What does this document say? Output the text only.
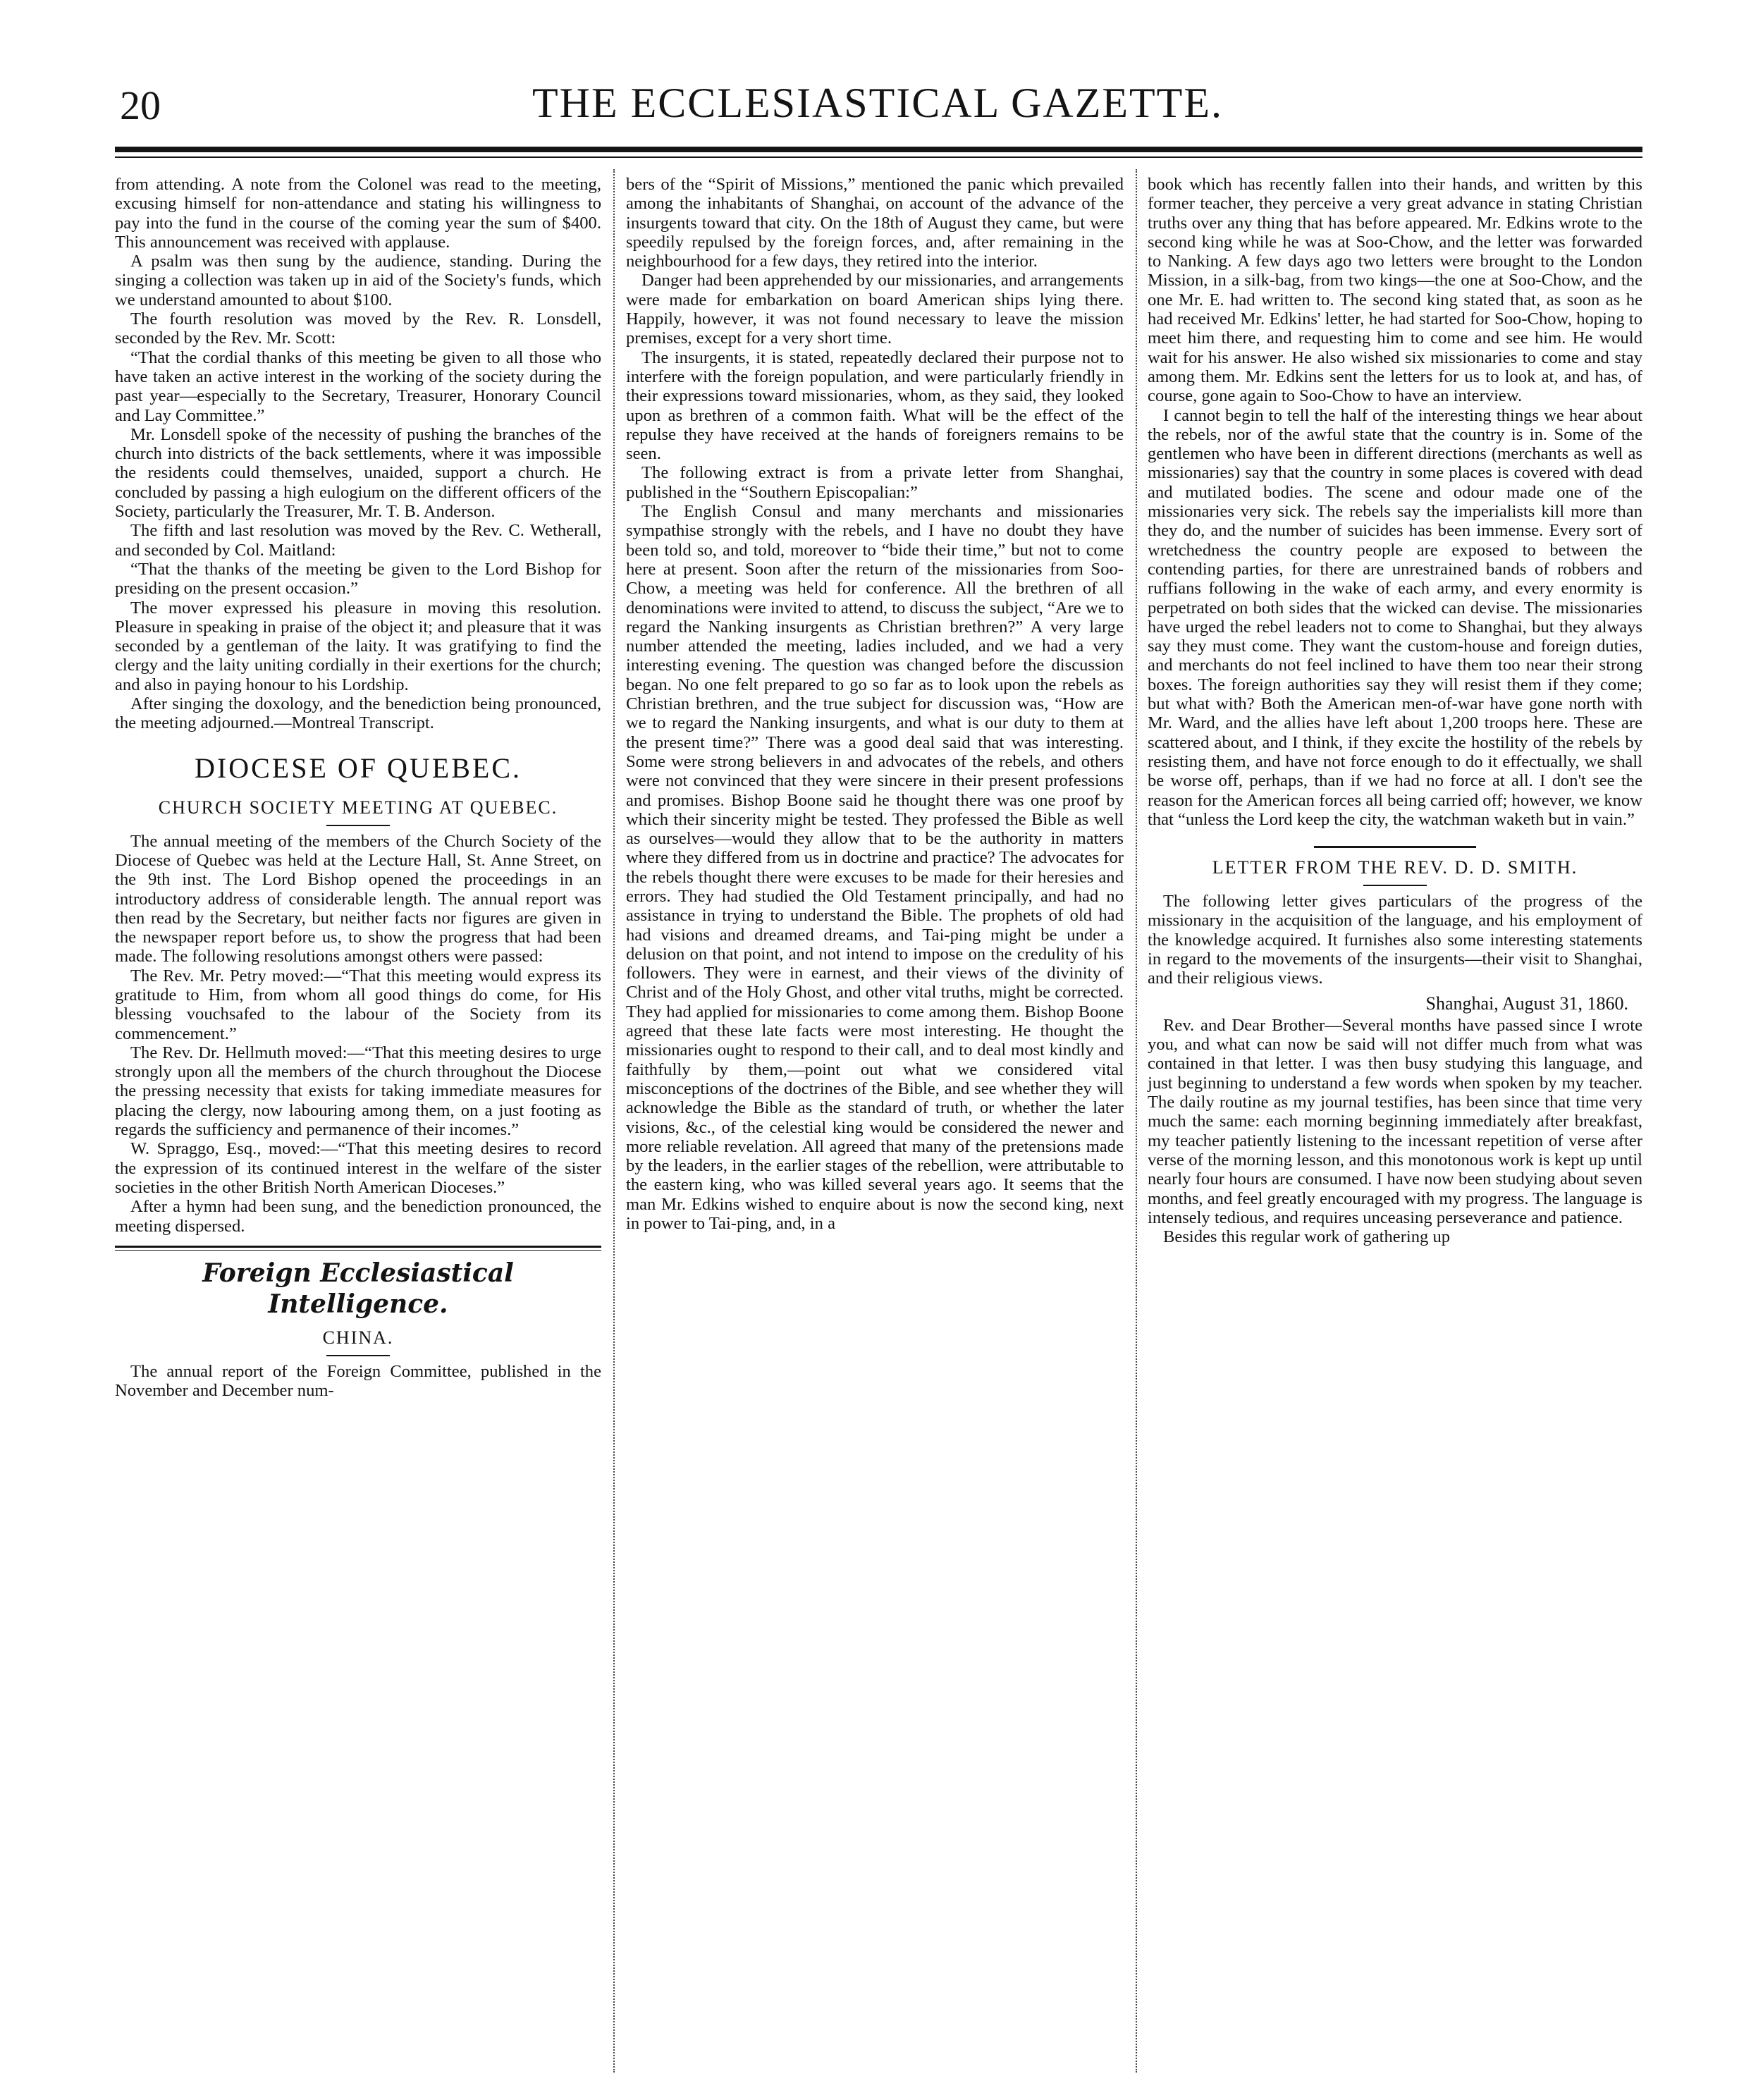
20	THE ECCLESIASTICAL GAZETTE.

from attending. A note from the Colonel was read to the meeting, excusing himself for non-attendance and stating his willingness to pay into the fund in the course of the coming year the sum of $400. This announcement was received with applause.

A psalm was then sung by the audience, standing. During the singing a collection was taken up in aid of the Society's funds, which we understand amounted to about $100.

The fourth resolution was moved by the Rev. R. Lonsdell, seconded by the Rev. Mr. Scott:

“That the cordial thanks of this meeting be given to all those who have taken an active interest in the working of the society during the past year—especially to the Secretary, Treasurer, Honorary Council and Lay Committee.”

Mr. Lonsdell spoke of the necessity of pushing the branches of the church into districts of the back settlements, where it was impossible the residents could themselves, unaided, support a church. He concluded by passing a high eulogium on the different officers of the Society, particularly the Treasurer, Mr. T. B. Anderson.

The fifth and last resolution was moved by the Rev. C. Wetherall, and seconded by Col. Maitland:

“That the thanks of the meeting be given to the Lord Bishop for presiding on the present occasion.”

The mover expressed his pleasure in moving this resolution. Pleasure in speaking in praise of the object it; and pleasure that it was seconded by a gentleman of the laity. It was gratifying to find the clergy and the laity uniting cordially in their exertions for the church; and also in paying honour to his Lordship.

After singing the doxology, and the benediction being pronounced, the meeting adjourned.—Montreal Transcript.

DIOCESE OF QUEBEC.
CHURCH SOCIETY MEETING AT QUEBEC.

The annual meeting of the members of the Church Society of the Diocese of Quebec was held at the Lecture Hall, St. Anne Street, on the 9th inst. The Lord Bishop opened the proceedings in an introductory address of considerable length. The annual report was then read by the Secretary, but neither facts nor figures are given in the newspaper report before us, to show the progress that had been made. The following resolutions amongst others were passed:

The Rev. Mr. Petry moved:—“That this meeting would express its gratitude to Him, from whom all good things do come, for His blessing vouchsafed to the labour of the Society from its commencement.”

The Rev. Dr. Hellmuth moved:—“That this meeting desires to urge strongly upon all the members of the church throughout the Diocese the pressing necessity that exists for taking immediate measures for placing the clergy, now labouring among them, on a just footing as regards the sufficiency and permanence of their incomes.”

W. Spraggo, Esq., moved:—“That this meeting desires to record the expression of its continued interest in the welfare of the sister societies in the other British North American Dioceses.”

After a hymn had been sung, and the benediction pronounced, the meeting dispersed.

Foreign Ecclesiastical Intelligence.
CHINA.

The annual report of the Foreign Committee, published in the November and December num-

bers of the “Spirit of Missions,” mentioned the panic which prevailed among the inhabitants of Shanghai, on account of the advance of the insurgents toward that city. On the 18th of August they came, but were speedily repulsed by the foreign forces, and, after remaining in the neighbourhood for a few days, they retired into the interior.

Danger had been apprehended by our missionaries, and arrangements were made for embarkation on board American ships lying there. Happily, however, it was not found necessary to leave the mission premises, except for a very short time.

The insurgents, it is stated, repeatedly declared their purpose not to interfere with the foreign population, and were particularly friendly in their expressions toward missionaries, whom, as they said, they looked upon as brethren of a common faith. What will be the effect of the repulse they have received at the hands of foreigners remains to be seen.

The following extract is from a private letter from Shanghai, published in the “Southern Episcopalian:”

The English Consul and many merchants and missionaries sympathise strongly with the rebels, and I have no doubt they have been told so, and told, moreover to “bide their time,” but not to come here at present. Soon after the return of the missionaries from Soo-Chow, a meeting was held for conference. All the brethren of all denominations were invited to attend, to discuss the subject, “Are we to regard the Nanking insurgents as Christian brethren?” A very large number attended the meeting, ladies included, and we had a very interesting evening. The question was changed before the discussion began. No one felt prepared to go so far as to look upon the rebels as Christian brethren, and the true subject for discussion was, “How are we to regard the Nanking insurgents, and what is our duty to them at the present time?” There was a good deal said that was interesting. Some were strong believers in and advocates of the rebels, and others were not convinced that they were sincere in their present professions and promises. Bishop Boone said he thought there was one proof by which their sincerity might be tested. They professed the Bible as well as ourselves—would they allow that to be the authority in matters where they differed from us in doctrine and practice? The advocates for the rebels thought there were excuses to be made for their heresies and errors. They had studied the Old Testament principally, and had no assistance in trying to understand the Bible. The prophets of old had had visions and dreamed dreams, and Tai-ping might be under a delusion on that point, and not intend to impose on the credulity of his followers. They were in earnest, and their views of the divinity of Christ and of the Holy Ghost, and other vital truths, might be corrected. They had applied for missionaries to come among them. Bishop Boone agreed that these late facts were most interesting. He thought the missionaries ought to respond to their call, and to deal most kindly and faithfully by them,—point out what we considered vital misconceptions of the doctrines of the Bible, and see whether they will acknowledge the Bible as the standard of truth, or whether the later visions, &c., of the celestial king would be considered the newer and more reliable revelation. All agreed that many of the pretensions made by the leaders, in the earlier stages of the rebellion, were attributable to the eastern king, who was killed several years ago. It seems that the man Mr. Edkins wished to enquire about is now the second king, next in power to Tai-ping, and, in a

book which has recently fallen into their hands, and written by this former teacher, they perceive a very great advance in stating Christian truths over any thing that has before appeared. Mr. Edkins wrote to the second king while he was at Soo-Chow, and the letter was forwarded to Nanking. A few days ago two letters were brought to the London Mission, in a silk-bag, from two kings—the one at Soo-Chow, and the one Mr. E. had written to. The second king stated that, as soon as he had received Mr. Edkins' letter, he had started for Soo-Chow, hoping to meet him there, and requesting him to come and see him. He would wait for his answer. He also wished six missionaries to come and stay among them. Mr. Edkins sent the letters for us to look at, and has, of course, gone again to Soo-Chow to have an interview.

I cannot begin to tell the half of the interesting things we hear about the rebels, nor of the awful state that the country is in. Some of the gentlemen who have been in different directions (merchants as well as missionaries) say that the country in some places is covered with dead and mutilated bodies. The scene and odour made one of the missionaries very sick. The rebels say the imperialists kill more than they do, and the number of suicides has been immense. Every sort of wretchedness the country people are exposed to between the contending parties, for there are unrestrained bands of robbers and ruffians following in the wake of each army, and every enormity is perpetrated on both sides that the wicked can devise. The missionaries have urged the rebel leaders not to come to Shanghai, but they always say they must come. They want the custom-house and foreign duties, and merchants do not feel inclined to have them too near their strong boxes. The foreign authorities say they will resist them if they come; but what with? Both the American men-of-war have gone north with Mr. Ward, and the allies have left about 1,200 troops here. These are scattered about, and I think, if they excite the hostility of the rebels by resisting them, and have not force enough to do it effectually, we shall be worse off, perhaps, than if we had no force at all. I don't see the reason for the American forces all being carried off; however, we know that “unless the Lord keep the city, the watchman waketh but in vain.”

LETTER FROM THE REV. D. D. SMITH.

The following letter gives particulars of the progress of the missionary in the acquisition of the language, and his employment of the knowledge acquired. It furnishes also some interesting statements in regard to the movements of the insurgents—their visit to Shanghai, and their religious views.

Shanghai, August 31, 1860.

Rev. and Dear Brother—Several months have passed since I wrote you, and what can now be said will not differ much from what was contained in that letter. I was then busy studying this language, and just beginning to understand a few words when spoken by my teacher. The daily routine as my journal testifies, has been since that time very much the same: each morning beginning immediately after breakfast, my teacher patiently listening to the incessant repetition of verse after verse of the morning lesson, and this monotonous work is kept up until nearly four hours are consumed. I have now been studying about seven months, and feel greatly encouraged with my progress. The language is intensely tedious, and requires unceasing perseverance and patience.

Besides this regular work of gathering up
